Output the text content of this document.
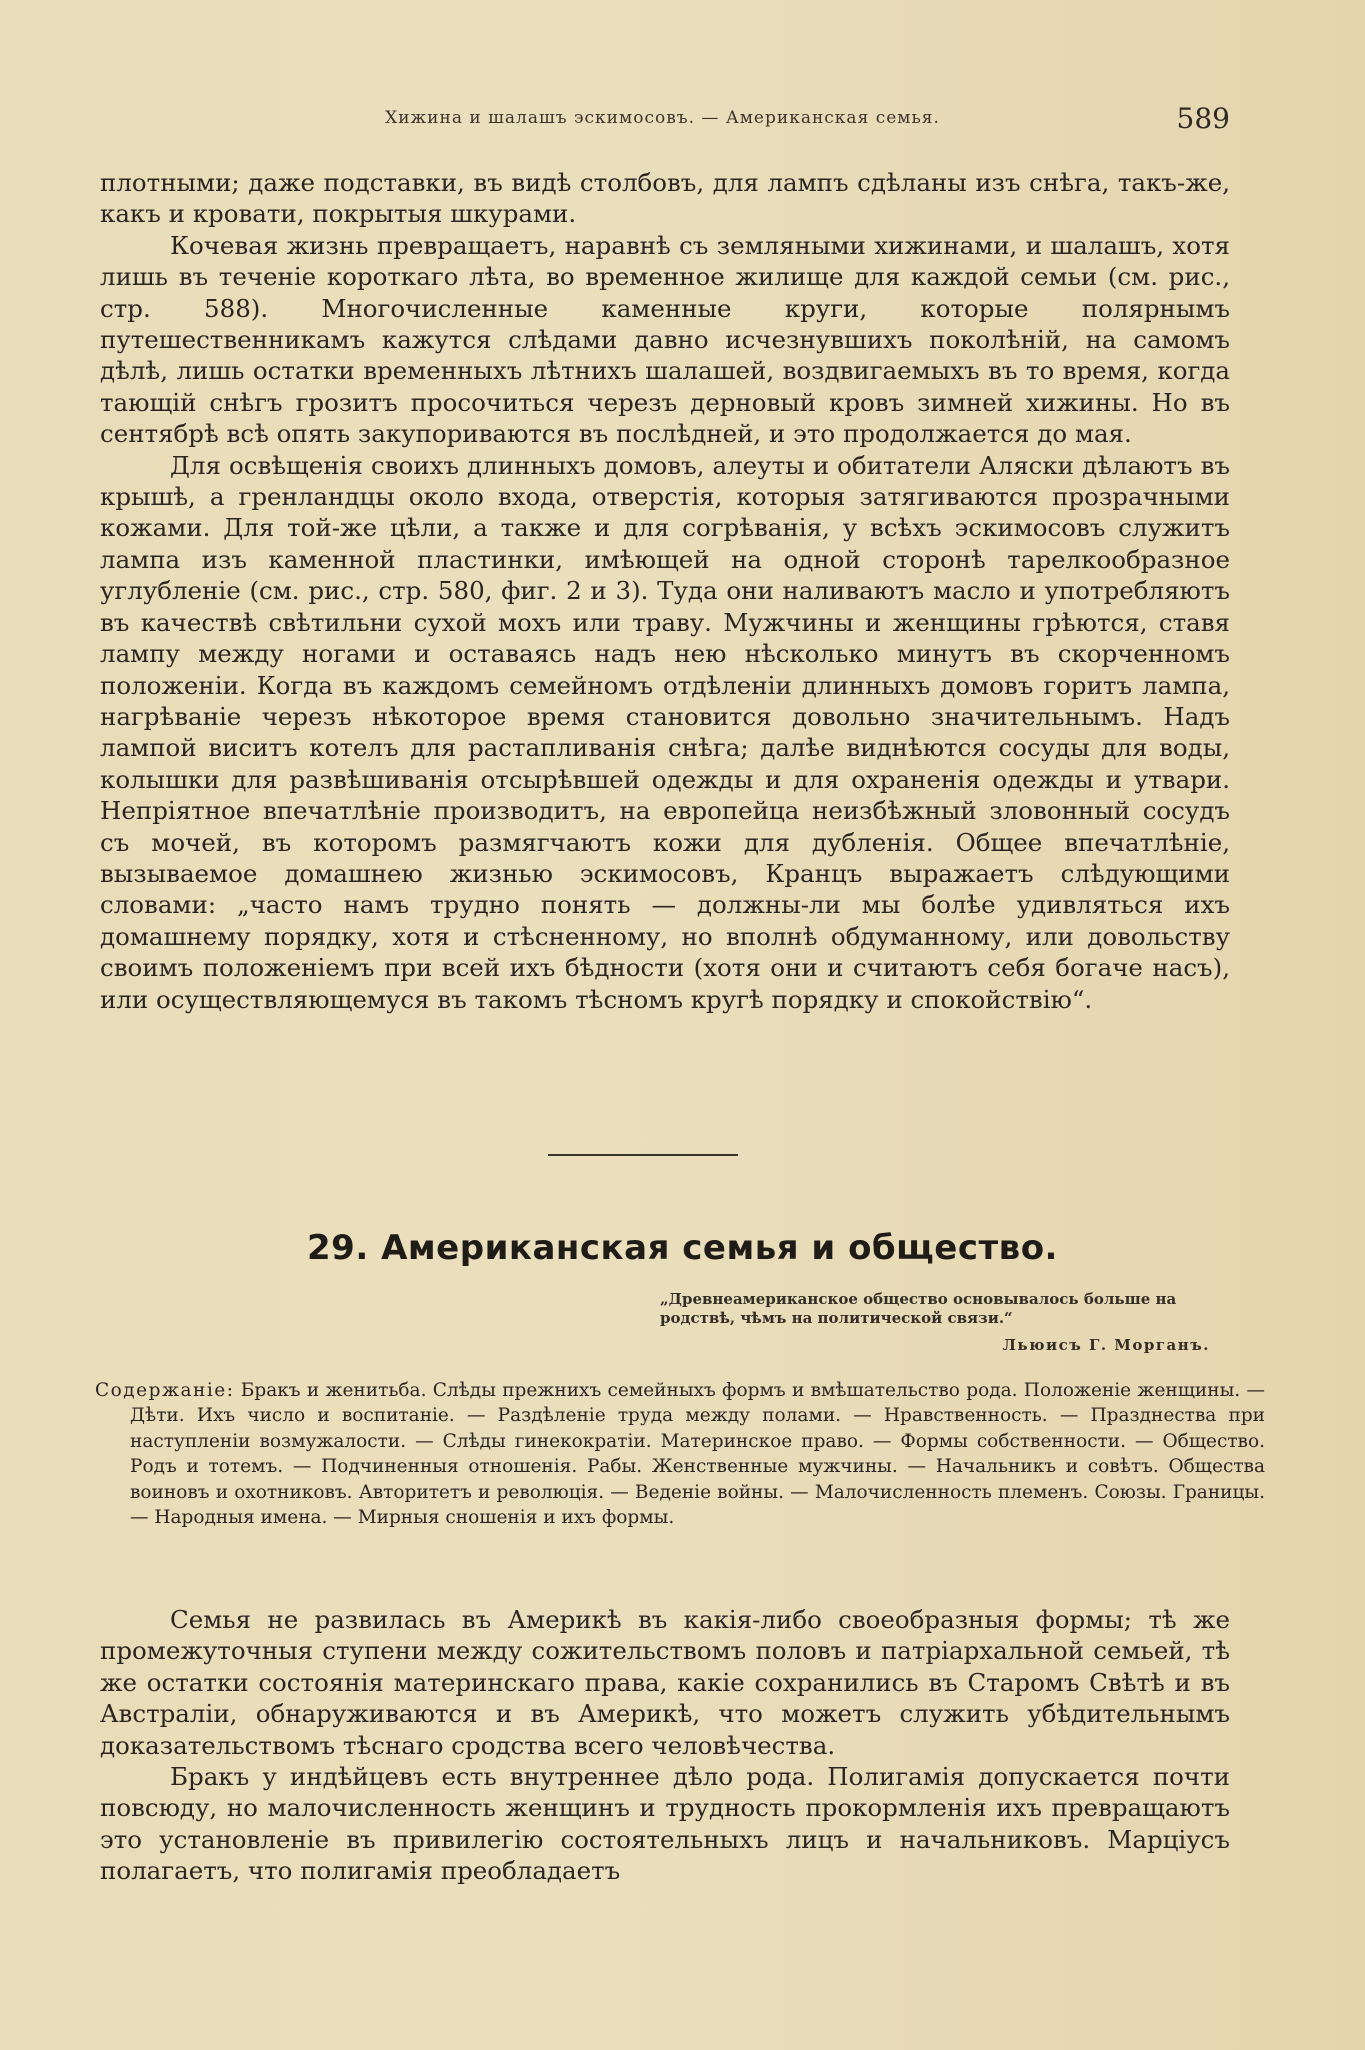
Хижина и шалашъ эскимосовъ. — Американская семья.	589

плотными; даже подставки, въ видѣ столбовъ, для лампъ сдѣланы изъ снѣга, такъ-же, какъ и кровати, покрытыя шкурами.

Кочевая жизнь превращаетъ, наравнѣ съ земляными хижинами, и шалашъ, хотя лишь въ теченіе короткаго лѣта, во временное жилище для каждой семьи (см. рис., стр. 588). Многочисленные каменные круги, которые полярнымъ путешественникамъ кажутся слѣдами давно исчезнувшихъ поколѣній, на самомъ дѣлѣ, лишь остатки временныхъ лѣтнихъ шалашей, воздвигаемыхъ въ то время, когда тающій снѣгъ грозитъ просочиться черезъ дерновый кровъ зимней хижины. Но въ сентябрѣ всѣ опять закупориваются въ послѣдней, и это продолжается до мая.

Для освѣщенія своихъ длинныхъ домовъ, алеуты и обитатели Аляски дѣлаютъ въ крышѣ, а гренландцы около входа, отверстія, которыя затягиваются прозрачными кожами. Для той-же цѣли, а также и для согрѣванія, у всѣхъ эскимосовъ служитъ лампа изъ каменной пластинки, имѣющей на одной сторонѣ тарелкообразное углубленіе (см. рис., стр. 580, фиг. 2 и 3). Туда они наливаютъ масло и употребляютъ въ качествѣ свѣтильни сухой мохъ или траву. Мужчины и женщины грѣются, ставя лампу между ногами и оставаясь надъ нею нѣсколько минутъ въ скорченномъ положеніи. Когда въ каждомъ семейномъ отдѣленіи длинныхъ домовъ горитъ лампа, нагрѣваніе черезъ нѣкоторое время становится довольно значительнымъ. Надъ лампой виситъ котелъ для растапливанія снѣга; далѣе виднѣются сосуды для воды, колышки для развѣшиванія отсырѣвшей одежды и для охраненія одежды и утвари. Непріятное впечатлѣніе производитъ, на европейца неизбѣжный зловонный сосудъ съ мочей, въ которомъ размягчаютъ кожи для дубленія. Общее впечатлѣніе, вызываемое домашнею жизнью эскимосовъ, Кранцъ выражаетъ слѣдующими словами: „часто намъ трудно понять — должны-ли мы болѣе удивляться ихъ домашнему порядку, хотя и стѣсненному, но вполнѣ обдуманному, или довольству своимъ положеніемъ при всей ихъ бѣдности (хотя они и считаютъ себя богаче насъ), или осуществляющемуся въ такомъ тѣсномъ кругѣ порядку и спокойствію“.

29. Американская семья и общество.
„Древнеамериканское общество основывалось больше на родствѣ, чѣмъ на политической связи.“
Льюисъ Г. Морганъ.
Содержаніе: Бракъ и женитьба. Слѣды прежнихъ семейныхъ формъ и вмѣшательство рода. Положеніе женщины. — Дѣти. Ихъ число и воспитаніе. — Раздѣленіе труда между полами. — Нравственность. — Празднества при наступленіи возмужалости. — Слѣды гинекократіи. Материнское право. — Формы собственности. — Общество. Родъ и тотемъ. — Подчиненныя отношенія. Рабы. Женственные мужчины. — Начальникъ и совѣтъ. Общества воиновъ и охотниковъ. Авторитетъ и революція. — Веденіе войны. — Малочисленность племенъ. Союзы. Границы. — Народныя имена. — Мирныя сношенія и ихъ формы.

Семья не развилась въ Америкѣ въ какія-либо своеобразныя формы; тѣ же промежуточныя ступени между сожительствомъ половъ и патріархальной семьей, тѣ же остатки состоянія материнскаго права, какіе сохранились въ Старомъ Свѣтѣ и въ Австраліи, обнаруживаются и въ Америкѣ, что можетъ служить убѣдительнымъ доказательствомъ тѣснаго сродства всего человѣчества.

Бракъ у индѣйцевъ есть внутреннее дѣло рода. Полигамія допускается почти повсюду, но малочисленность женщинъ и трудность прокормленія ихъ превращаютъ это установленіе въ привилегію состоятельныхъ лицъ и начальниковъ. Марціусъ полагаетъ, что полигамія преобладаетъ
